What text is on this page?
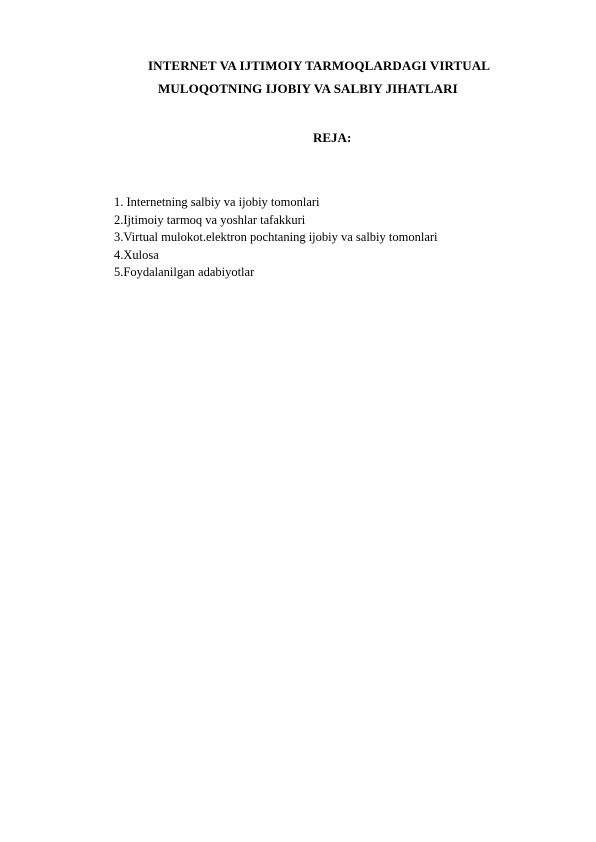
INTERNET VA IJTIMOIY TARMOQLARDAGI VIRTUAL
MULOQOTNING IJOBIY VA SALBIY JIHATLARI
REJA:
1. Internetning salbiy va ijobiy tomonlari
2.Ijtimoiy tarmoq va yoshlar tafakkuri
3.Virtual mulokot.elektron pochtaning ijobiy va salbiy tomonlari
4.Xulosa
5.Foydalanilgan adabiyotlar
